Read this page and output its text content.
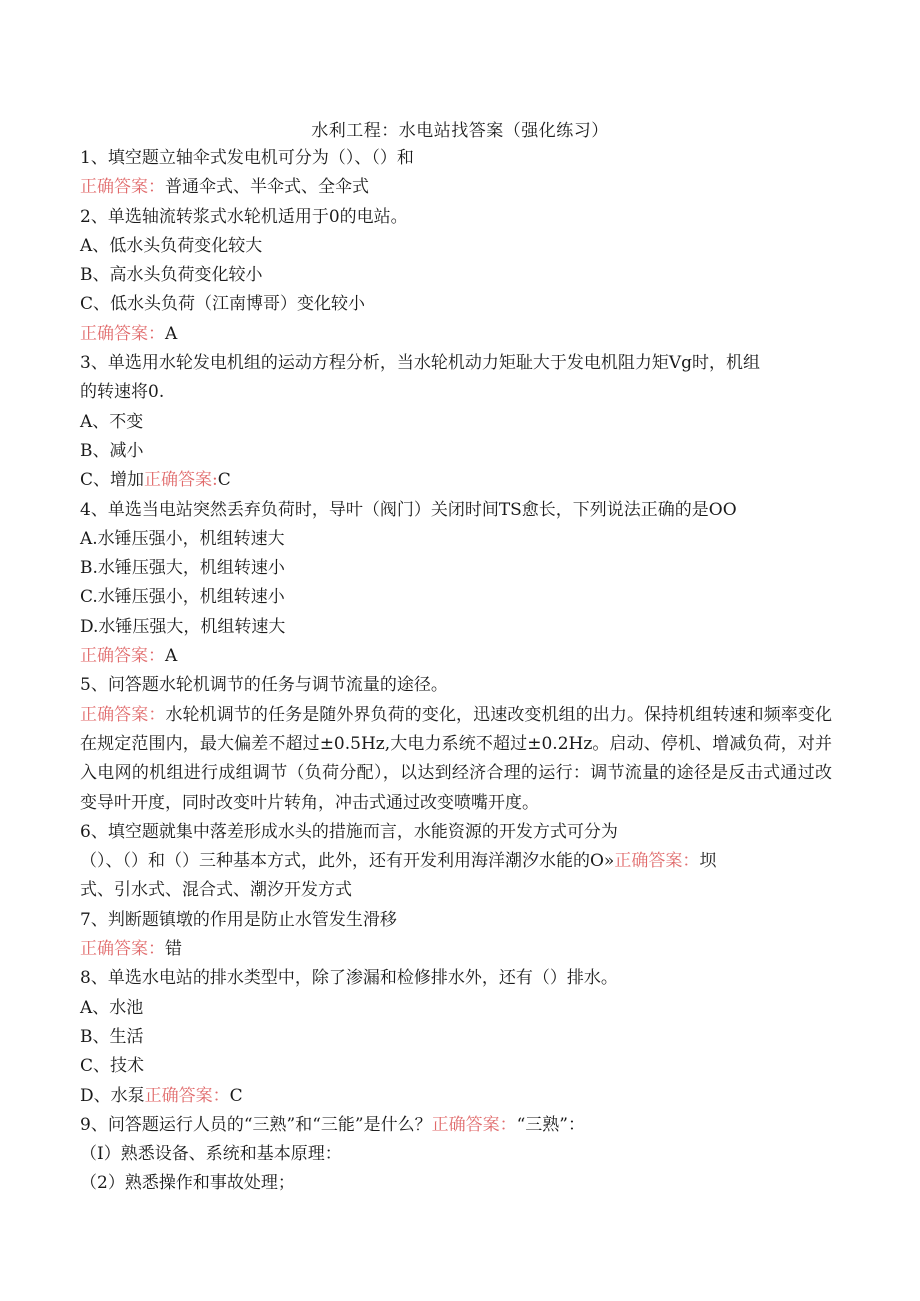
水利工程：水电站找答案（强化练习）
1、填空题立轴伞式发电机可分为（）、（）和
正确答案：普通伞式、半伞式、全伞式
2、单选轴流转浆式水轮机适用于0的电站。
A、低水头负荷变化较大
B、高水头负荷变化较小
C、低水头负荷（江南博哥）变化较小
正确答案：A
3、单选用水轮发电机组的运动方程分析，当水轮机动力矩耻大于发电机阻力矩Vg时，机组
的转速将0.
A、不变
B、减小
C、增加正确答案:C
4、单选当电站突然丢弃负荷时，导叶（阀门）关闭时间TS愈长，下列说法正确的是OO
A.水锤压强小，机组转速大
B.水锤压强大，机组转速小
C.水锤压强小，机组转速小
D.水锤压强大，机组转速大
正确答案：A
5、问答题水轮机调节的任务与调节流量的途径。
正确答案：水轮机调节的任务是随外界负荷的变化，迅速改变机组的出力。保持机组转速和频率变化在规定范围内，最大偏差不超过±0.5Hz,大电力系统不超过±0.2Hz。启动、停机、增减负荷，对并入电网的机组进行成组调节（负荷分配），以达到经济合理的运行：调节流量的途径是反击式通过改变导叶开度，同时改变叶片转角，冲击式通过改变喷嘴开度。
6、填空题就集中落差形成水头的措施而言，水能资源的开发方式可分为
（）、（）和（）三种基本方式，此外，还有开发利用海洋潮汐水能的O»正确答案：坝
式、引水式、混合式、潮汐开发方式
7、判断题镇墩的作用是防止水管发生滑移
正确答案：错
8、单选水电站的排水类型中，除了渗漏和检修排水外，还有（）排水。
A、水池
B、生活
C、技术
D、水泵正确答案：C
9、问答题运行人员的“三熟”和“三能”是什么？正确答案：“三熟”：
（I）熟悉设备、系统和基本原理：
（2）熟悉操作和事故处理；
